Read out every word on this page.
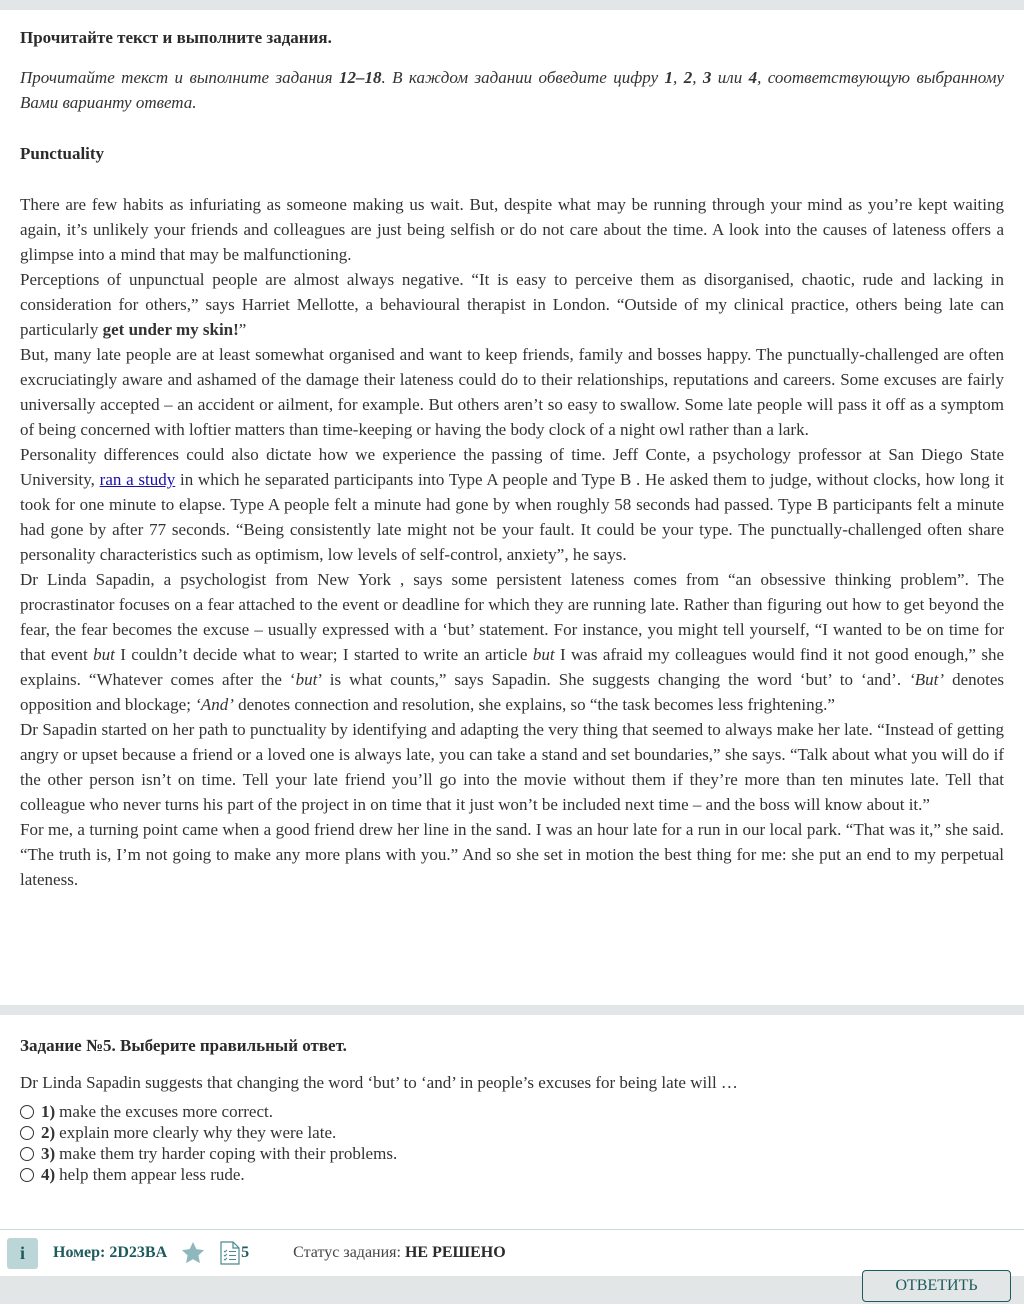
Прочитайте текст и выполните задания.

Прочитайте текст и выполните задания 12–18. В каждом задании обведите цифру 1, 2, 3 или 4, соответствующую выбранному Вами варианту ответа.

Punctuality

There are few habits as infuriating as someone making us wait. But, despite what may be running through your mind as you’re kept waiting again, it’s unlikely your friends and colleagues are just being selfish or do not care about the time. A look into the causes of lateness offers a glimpse into a mind that may be malfunctioning.

Perceptions of unpunctual people are almost always negative. “It is easy to perceive them as disorganised, chaotic, rude and lacking in consideration for others,” says Harriet Mellotte, a behavioural therapist in London. “Outside of my clinical practice, others being late can particularly get under my skin!”

But, many late people are at least somewhat organised and want to keep friends, family and bosses happy. The punctually-challenged are often excruciatingly aware and ashamed of the damage their lateness could do to their relationships, reputations and careers. Some excuses are fairly universally accepted – an accident or ailment, for example. But others aren’t so easy to swallow. Some late people will pass it off as a symptom of being concerned with loftier matters than time-keeping or having the body clock of a night owl rather than a lark.

Personality differences could also dictate how we experience the passing of time. Jeff Conte, a psychology professor at San Diego State University, ran a study in which he separated participants into Type A people and Type B . He asked them to judge, without clocks, how long it took for one minute to elapse. Type A people felt a minute had gone by when roughly 58 seconds had passed. Type B participants felt a minute had gone by after 77 seconds. “Being consistently late might not be your fault. It could be your type. The punctually-challenged often share personality characteristics such as optimism, low levels of self-control, anxiety”, he says.

Dr Linda Sapadin, a psychologist from New York , says some persistent lateness comes from “an obsessive thinking problem”. The procrastinator focuses on a fear attached to the event or deadline for which they are running late. Rather than figuring out how to get beyond the fear, the fear becomes the excuse – usually expressed with a ‘but’ statement. For instance, you might tell yourself, “I wanted to be on time for that event but I couldn’t decide what to wear; I started to write an article but I was afraid my colleagues would find it not good enough,” she explains. “Whatever comes after the ‘but’ is what counts,” says Sapadin. She suggests changing the word ‘but’ to ‘and’. ‘But’ denotes opposition and blockage; ‘And’ denotes connection and resolution, she explains, so “the task becomes less frightening.”

Dr Sapadin started on her path to punctuality by identifying and adapting the very thing that seemed to always make her late. “Instead of getting angry or upset because a friend or a loved one is always late, you can take a stand and set boundaries,” she says. “Talk about what you will do if the other person isn’t on time. Tell your late friend you’ll go into the movie without them if they’re more than ten minutes late. Tell that colleague who never turns his part of the project in on time that it just won’t be included next time – and the boss will know about it.”

For me, a turning point came when a good friend drew her line in the sand. I was an hour late for a run in our local park. “That was it,” she said. “The truth is, I’m not going to make any more plans with you.” And so she set in motion the best thing for me: she put an end to my perpetual lateness.

Задание №5. Выберите правильный ответ.

Dr Linda Sapadin suggests that changing the word ‘but’ to ‘and’ in people’s excuses for being late will …

1) make the excuses more correct.
2) explain more clearly why they were late.
3) make them try harder coping with their problems.
4) help them appear less rude.
i	Номер: 2D23BA	5	Статус задания: НЕ РЕШЕНО
ОТВЕТИТЬ
